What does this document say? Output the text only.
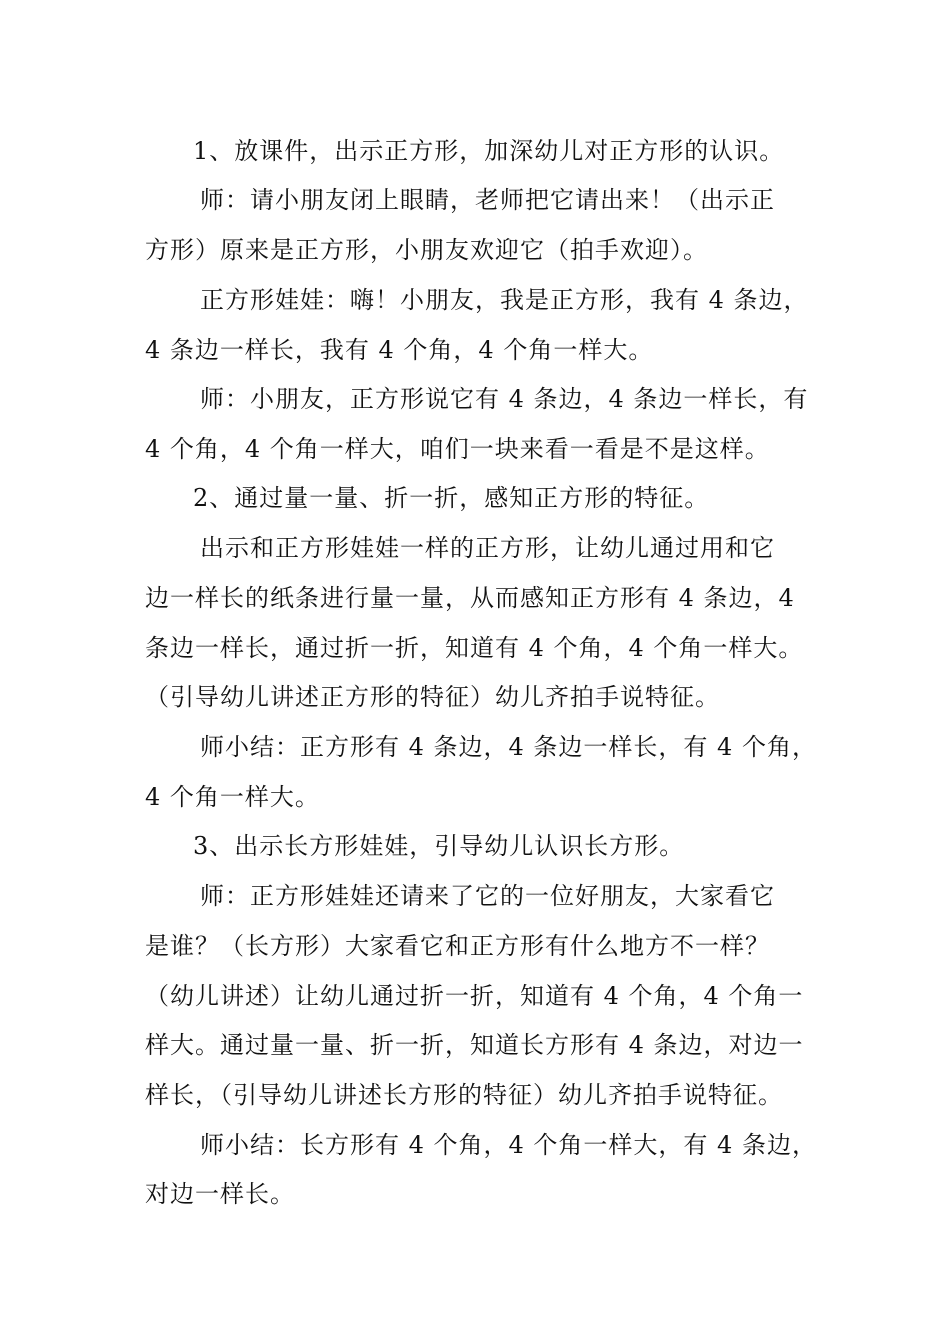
1、放课件，出示正方形，加深幼儿对正方形的认识。
师：请小朋友闭上眼睛，老师把它请出来！（出示正
方形）原来是正方形，小朋友欢迎它（拍手欢迎）。
正方形娃娃：嗨！小朋友，我是正方形，我有 4 条边，
4 条边一样长，我有 4 个角，4 个角一样大。
师：小朋友，正方形说它有 4 条边，4 条边一样长，有
4 个角，4 个角一样大，咱们一块来看一看是不是这样。
2、通过量一量、折一折，感知正方形的特征。
出示和正方形娃娃一样的正方形，让幼儿通过用和它
边一样长的纸条进行量一量，从而感知正方形有 4 条边，4
条边一样长，通过折一折，知道有 4 个角，4 个角一样大。
（引导幼儿讲述正方形的特征）幼儿齐拍手说特征。
师小结：正方形有 4 条边，4 条边一样长，有 4 个角，
4 个角一样大。
3、出示长方形娃娃，引导幼儿认识长方形。
师：正方形娃娃还请来了它的一位好朋友，大家看它
是谁？（长方形）大家看它和正方形有什么地方不一样？
（幼儿讲述）让幼儿通过折一折，知道有 4 个角，4 个角一
样大。通过量一量、折一折，知道长方形有 4 条边，对边一
样长，（引导幼儿讲述长方形的特征）幼儿齐拍手说特征。
师小结：长方形有 4 个角，4 个角一样大，有 4 条边，
对边一样长。
